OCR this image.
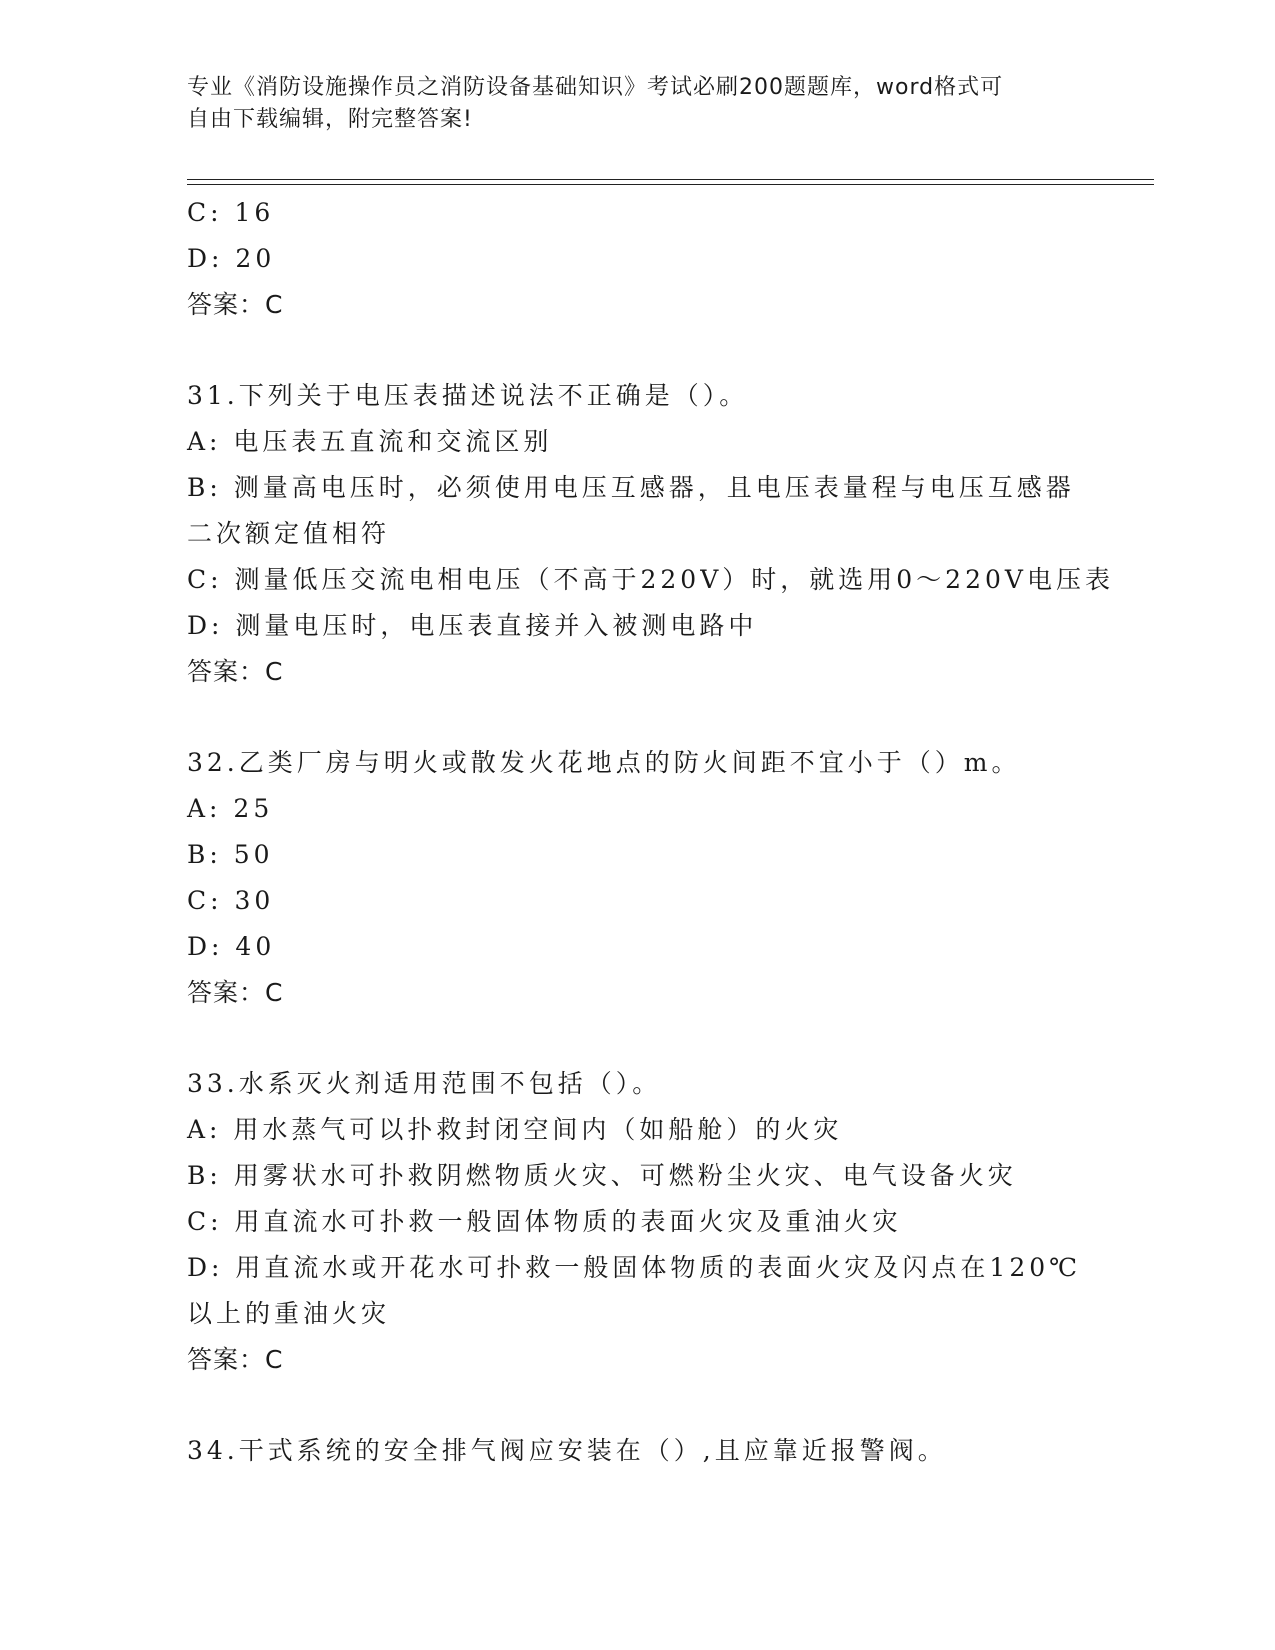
专业《消防设施操作员之消防设备基础知识》考试必刷200题题库，word格式可
自由下载编辑，附完整答案!
C: 16
D: 20
答案：C
31.下列关于电压表描述说法不正确是（）。
A: 电压表五直流和交流区别
B: 测量高电压时，必须使用电压互感器，且电压表量程与电压互感器
二次额定值相符
C: 测量低压交流电相电压（不高于220V）时，就选用0～220V电压表
D: 测量电压时，电压表直接并入被测电路中
答案：C
32.乙类厂房与明火或散发火花地点的防火间距不宜小于（）m。
A: 25
B: 50
C: 30
D: 40
答案：C
33.水系灭火剂适用范围不包括（）。
A: 用水蒸气可以扑救封闭空间内（如船舱）的火灾
B: 用雾状水可扑救阴燃物质火灾、可燃粉尘火灾、电气设备火灾
C: 用直流水可扑救一般固体物质的表面火灾及重油火灾
D: 用直流水或开花水可扑救一般固体物质的表面火灾及闪点在120℃
以上的重油火灾
答案：C
34.干式系统的安全排气阀应安装在（）,且应靠近报警阀。
